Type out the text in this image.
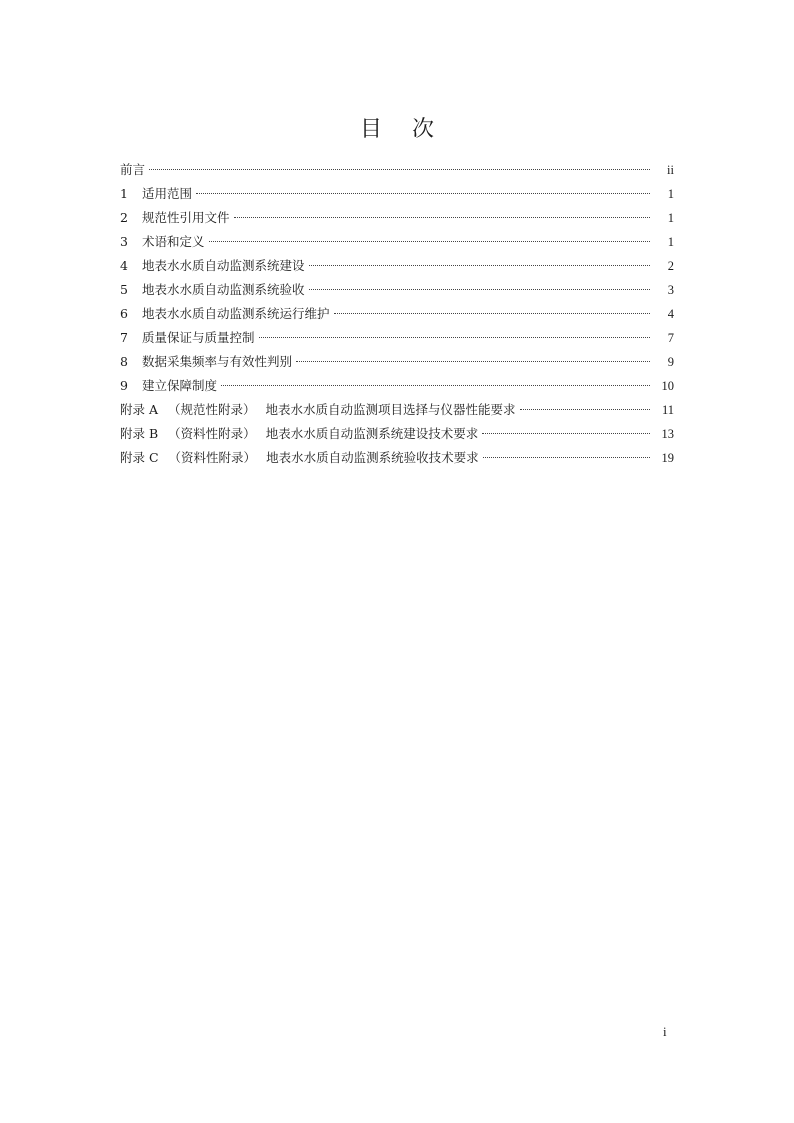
目 次
前言	ii
1	适用范围	1
2	规范性引用文件	1
3	术语和定义	1
4	地表水水质自动监测系统建设	2
5	地表水水质自动监测系统验收	3
6	地表水水质自动监测系统运行维护	4
7	质量保证与质量控制	7
8	数据采集频率与有效性判别	9
9	建立保障制度	10
附录 A （规范性附录） 地表水水质自动监测项目选择与仪器性能要求	11
附录 B （资料性附录） 地表水水质自动监测系统建设技术要求	13
附录 C （资料性附录） 地表水水质自动监测系统验收技术要求	19
i
